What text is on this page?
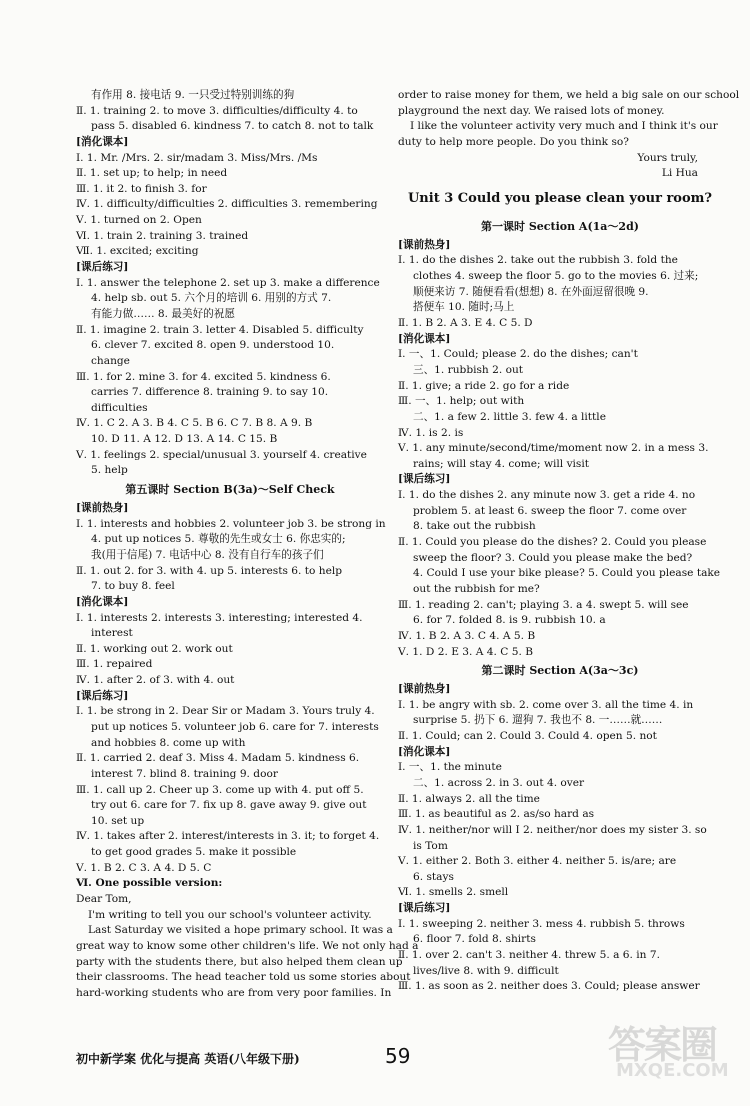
有作用 8. 接电话 9. 一只受过特别训练的狗
Ⅱ. 1. training 2. to move 3. difficulties/difficulty 4. to
pass 5. disabled 6. kindness 7. to catch 8. not to talk
[消化课本]
Ⅰ. 1. Mr. /Mrs. 2. sir/madam 3. Miss/Mrs. /Ms
Ⅱ. 1. set up; to help; in need
Ⅲ. 1. it 2. to finish 3. for
Ⅳ. 1. difficulty/difficulties 2. difficulties 3. remembering
Ⅴ. 1. turned on 2. Open
Ⅵ. 1. train 2. training 3. trained
Ⅶ. 1. excited; exciting
[课后练习]
Ⅰ. 1. answer the telephone 2. set up 3. make a difference
4. help sb. out 5. 六个月的培训 6. 用别的方式 7.
有能力做…… 8. 最美好的祝愿
Ⅱ. 1. imagine 2. train 3. letter 4. Disabled 5. difficulty
6. clever 7. excited 8. open 9. understood 10.
change
Ⅲ. 1. for 2. mine 3. for 4. excited 5. kindness 6.
carries 7. difference 8. training 9. to say 10.
difficulties
Ⅳ. 1. C 2. A 3. B 4. C 5. B 6. C 7. B 8. A 9. B
10. D 11. A 12. D 13. A 14. C 15. B
Ⅴ. 1. feelings 2. special/unusual 3. yourself 4. creative
5. help
第五课时 Section B(3a)～Self Check
[课前热身]
Ⅰ. 1. interests and hobbies 2. volunteer job 3. be strong in
4. put up notices 5. 尊敬的先生或女士 6. 你忠实的;
我(用于信尾) 7. 电话中心 8. 没有自行车的孩子们
Ⅱ. 1. out 2. for 3. with 4. up 5. interests 6. to help
7. to buy 8. feel
[消化课本]
Ⅰ. 1. interests 2. interests 3. interesting; interested 4.
interest
Ⅱ. 1. working out 2. work out
Ⅲ. 1. repaired
Ⅳ. 1. after 2. of 3. with 4. out
[课后练习]
Ⅰ. 1. be strong in 2. Dear Sir or Madam 3. Yours truly 4.
put up notices 5. volunteer job 6. care for 7. interests
and hobbies 8. come up with
Ⅱ. 1. carried 2. deaf 3. Miss 4. Madam 5. kindness 6.
interest 7. blind 8. training 9. door
Ⅲ. 1. call up 2. Cheer up 3. come up with 4. put off 5.
try out 6. care for 7. fix up 8. gave away 9. give out
10. set up
Ⅳ. 1. takes after 2. interest/interests in 3. it; to forget 4.
to get good grades 5. make it possible
Ⅴ. 1. B 2. C 3. A 4. D 5. C
Ⅵ. One possible version:
Dear Tom,
I'm writing to tell you our school's volunteer activity.
Last Saturday we visited a hope primary school. It was a
great way to know some other children's life. We not only had a
party with the students there, but also helped them clean up
their classrooms. The head teacher told us some stories about
hard-working students who are from very poor families. In
order to raise money for them, we held a big sale on our school
playground the next day. We raised lots of money.
I like the volunteer activity very much and I think it's our
duty to help more people. Do you think so?
Yours truly,
Li Hua
Unit 3 Could you please clean your room?
第一课时 Section A(1a～2d)
[课前热身]
Ⅰ. 1. do the dishes 2. take out the rubbish 3. fold the
clothes 4. sweep the floor 5. go to the movies 6. 过来;
顺便来访 7. 随便看看(想想) 8. 在外面逗留很晚 9.
搭便车 10. 随时;马上
Ⅱ. 1. B 2. A 3. E 4. C 5. D
[消化课本]
Ⅰ. 一、1. Could; please 2. do the dishes; can't
三、1. rubbish 2. out
Ⅱ. 1. give; a ride 2. go for a ride
Ⅲ. 一、1. help; out with
二、1. a few 2. little 3. few 4. a little
Ⅳ. 1. is 2. is
Ⅴ. 1. any minute/second/time/moment now 2. in a mess 3.
rains; will stay 4. come; will visit
[课后练习]
Ⅰ. 1. do the dishes 2. any minute now 3. get a ride 4. no
problem 5. at least 6. sweep the floor 7. come over
8. take out the rubbish
Ⅱ. 1. Could you please do the dishes? 2. Could you please
sweep the floor? 3. Could you please make the bed?
4. Could I use your bike please? 5. Could you please take
out the rubbish for me?
Ⅲ. 1. reading 2. can't; playing 3. a 4. swept 5. will see
6. for 7. folded 8. is 9. rubbish 10. a
Ⅳ. 1. B 2. A 3. C 4. A 5. B
Ⅴ. 1. D 2. E 3. A 4. C 5. B
第二课时 Section A(3a～3c)
[课前热身]
Ⅰ. 1. be angry with sb. 2. come over 3. all the time 4. in
surprise 5. 扔下 6. 遛狗 7. 我也不 8. 一……就……
Ⅱ. 1. Could; can 2. Could 3. Could 4. open 5. not
[消化课本]
Ⅰ. 一、1. the minute
二、1. across 2. in 3. out 4. over
Ⅱ. 1. always 2. all the time
Ⅲ. 1. as beautiful as 2. as/so hard as
Ⅳ. 1. neither/nor will I 2. neither/nor does my sister 3. so
is Tom
Ⅴ. 1. either 2. Both 3. either 4. neither 5. is/are; are
6. stays
Ⅵ. 1. smells 2. smell
[课后练习]
Ⅰ. 1. sweeping 2. neither 3. mess 4. rubbish 5. throws
6. floor 7. fold 8. shirts
Ⅱ. 1. over 2. can't 3. neither 4. threw 5. a 6. in 7.
lives/live 8. with 9. difficult
Ⅲ. 1. as soon as 2. neither does 3. Could; please answer
初中新学案 优化与提高 英语(八年级下册)	59	答案圈
MXQE.COM
